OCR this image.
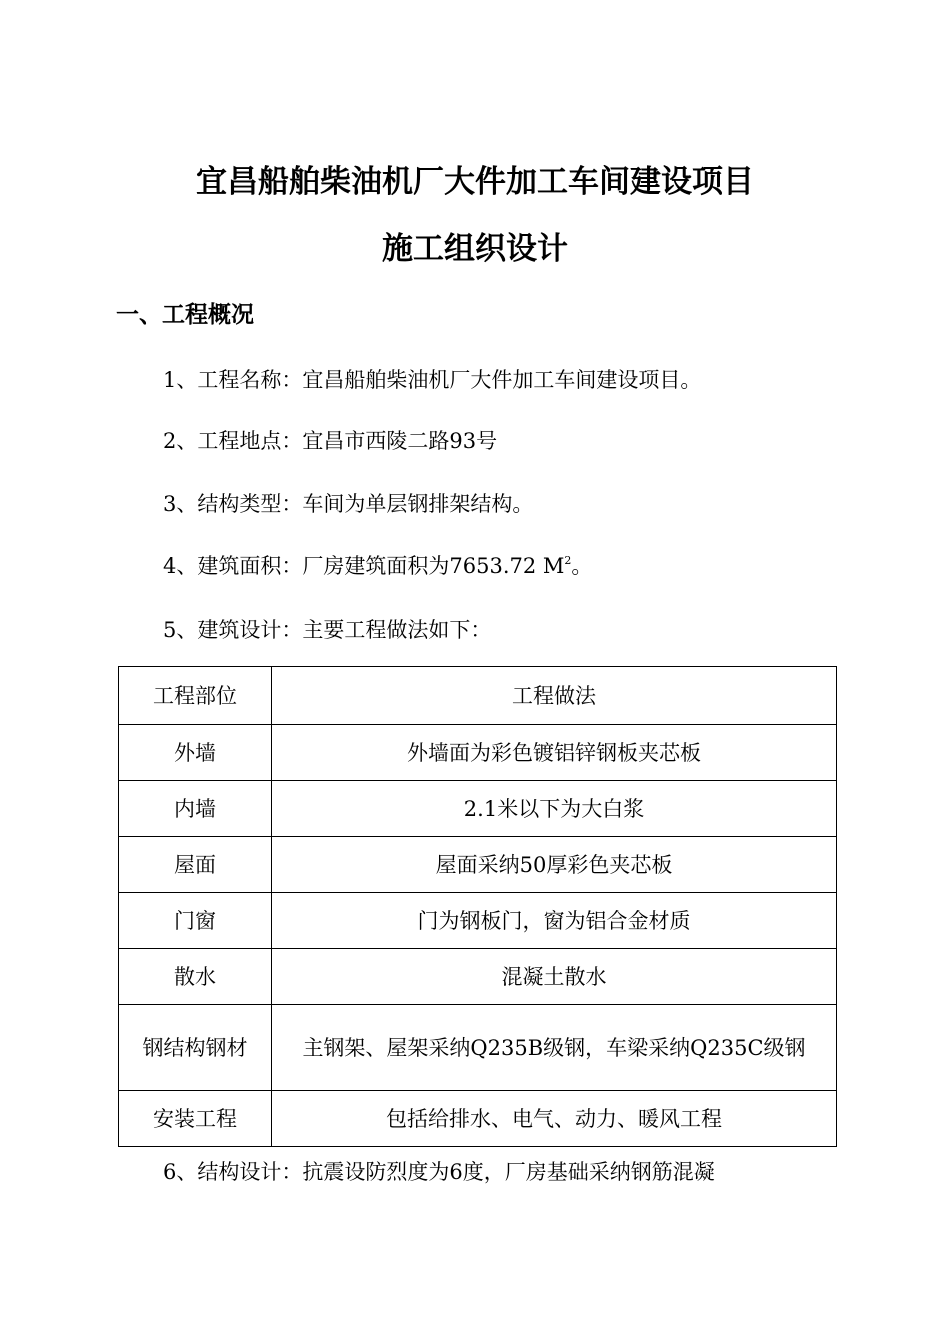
宜昌船舶柴油机厂大件加工车间建设项目
施工组织设计
一、工程概况

1、工程名称：宜昌船舶柴油机厂大件加工车间建设项目。

2、工程地点：宜昌市西陵二路93号

3、结构类型：车间为单层钢排架结构。

4、建筑面积：厂房建筑面积为7653.72 $M^2$。

5、建筑设计：主要工程做法如下：

工程部位	工程做法
外墙	外墙面为彩色镀铝锌钢板夹芯板
内墙	2.1米以下为大白浆
屋面	屋面采纳50厚彩色夹芯板
门窗	门为钢板门，窗为铝合金材质
散水	混凝土散水
钢结构钢材	主钢架、屋架采纳Q235B级钢，车梁采纳Q235C级钢
安装工程	包括给排水、电气、动力、暖风工程

6、结构设计：抗震设防烈度为6度，厂房基础采纳钢筋混凝
